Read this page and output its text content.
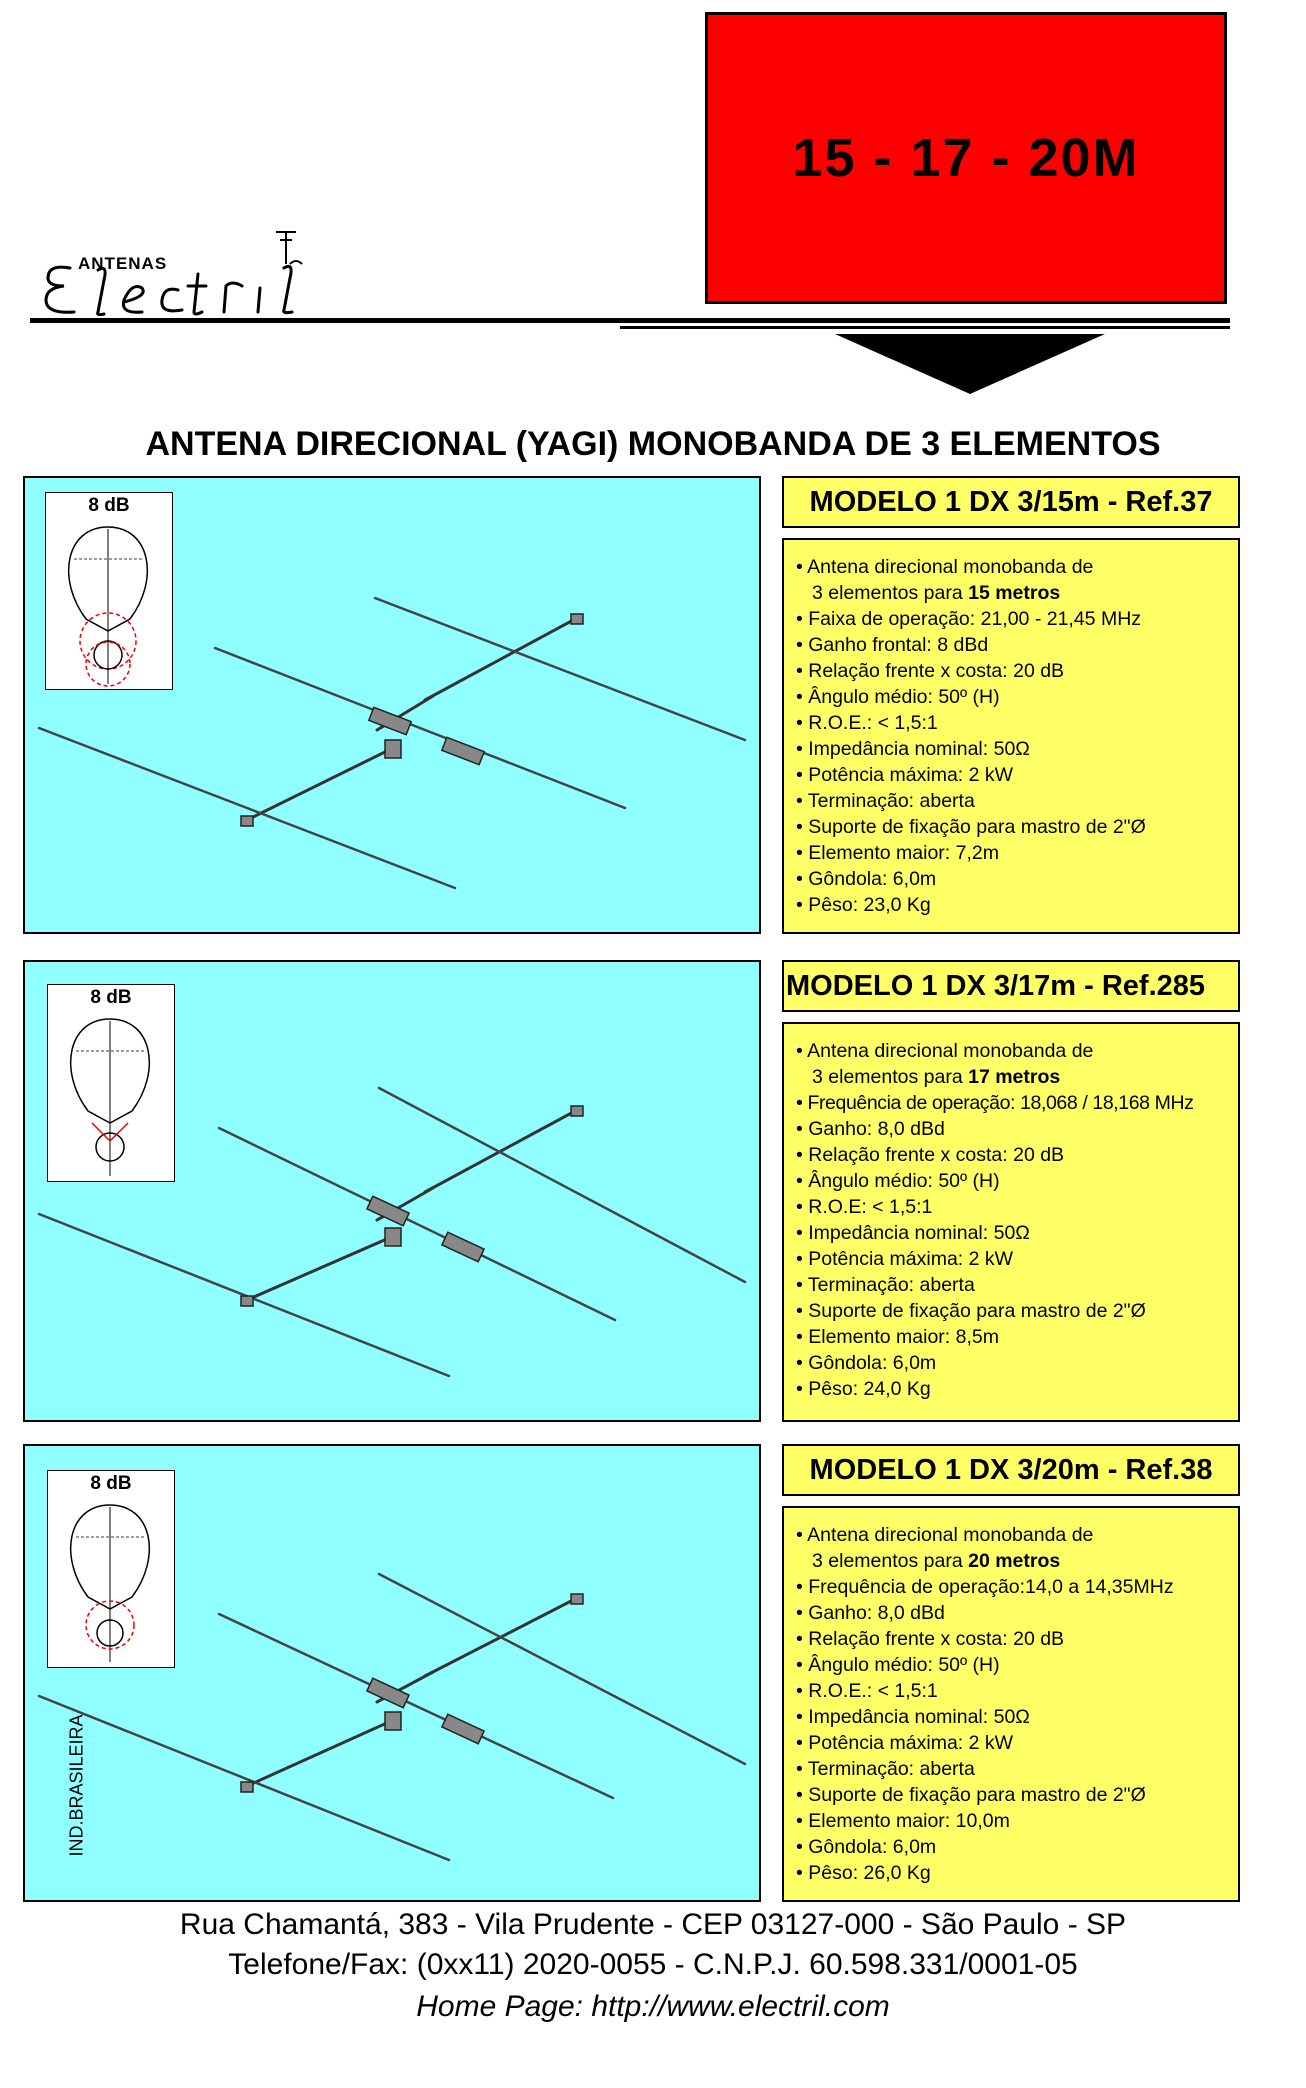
15 - 17 - 20M
ANTENAS
ANTENA DIRECIONAL (YAGI) MONOBANDA DE 3 ELEMENTOS
8 dB	MODELO 1 DX 3/15m - Ref.37
• Antena direcional monobanda de
3 elementos para 15 metros
• Faixa de operação: 21,00 - 21,45 MHz
• Ganho frontal: 8 dBd
• Relação frente x costa: 20 dB
• Ângulo médio: 50º (H)
• R.O.E.: < 1,5:1
• Impedância nominal: 50Ω
• Potência máxima: 2 kW
• Terminação: aberta
• Suporte de fixação para mastro de 2"Ø
• Elemento maior: 7,2m
• Gôndola: 6,0m
• Pêso: 23,0 Kg
8 dB	MODELO 1 DX 3/17m - Ref.285
• Antena direcional monobanda de
3 elementos para 17 metros
• Frequência de operação: 18,068 / 18,168 MHz
• Ganho: 8,0 dBd
• Relação frente x costa: 20 dB
• Ângulo médio: 50º (H)
• R.O.E: < 1,5:1
• Impedância nominal: 50Ω
• Potência máxima: 2 kW
• Terminação: aberta
• Suporte de fixação para mastro de 2"Ø
• Elemento maior: 8,5m
• Gôndola: 6,0m
• Pêso: 24,0 Kg
8 dB	MODELO 1 DX 3/20m - Ref.38
• Antena direcional monobanda de
3 elementos para 20 metros
• Frequência de operação:14,0 a 14,35MHz
• Ganho: 8,0 dBd
• Relação frente x costa: 20 dB
• Ângulo médio: 50º (H)
• R.O.E.: < 1,5:1
• Impedância nominal: 50Ω
• Potência máxima: 2 kW
• Terminação: aberta
• Suporte de fixação para mastro de 2"Ø
• Elemento maior: 10,0m
• Gôndola: 6,0m
• Pêso: 26,0 Kg
IND.BRASILEIRA
Rua Chamantá, 383 - Vila Prudente - CEP 03127-000 - São Paulo - SP
Telefone/Fax: (0xx11) 2020-0055 - C.N.P.J. 60.598.331/0001-05
Home Page: http://www.electril.com
